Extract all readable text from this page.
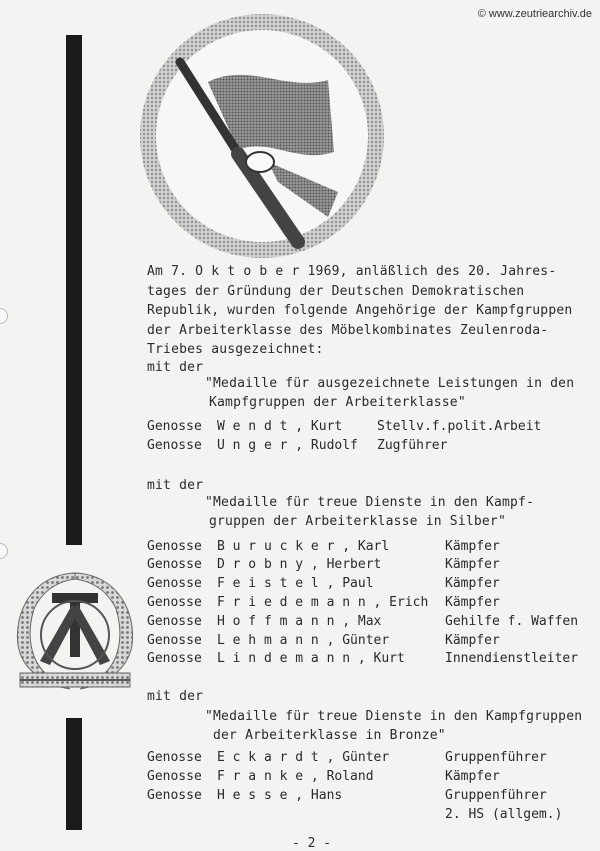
© www.zeutriearchiv.de
Am 7. O k t o b e r 1969, anläßlich des 20. Jahres-
tages der Gründung der Deutschen Demokratischen
Republik, wurden folgende Angehörige der Kampfgruppen
der Arbeiterklasse des Möbelkombinates Zeulenroda-
Triebes ausgezeichnet:
mit der
"Medaille für ausgezeichnete Leistungen in den
Kampfgruppen der Arbeiterklasse"
Genosse W e n d t , Kurt	Stellv.f.polit.Arbeit
Genosse U n g e r , Rudolf Zugführer
mit der
"Medaille für treue Dienste in den Kampf-
gruppen der Arbeiterklasse in Silber"
Genosse B u r u c k e r , Karl	Kämpfer
Genosse D r o b n y , Herbert	Kämpfer
Genosse F e i s t e l , Paul	Kämpfer
Genosse F r i e d e m a n n , Erich Kämpfer
Genosse H o f f m a n n , Max	Gehilfe f. Waffen
Genosse L e h m a n n , Günter	Kämpfer
Genosse L i n d e m a n n , Kurt	Innendienstleiter
mit der
"Medaille für treue Dienste in den Kampfgruppen
der Arbeiterklasse in Bronze"
Genosse E c k a r d t , Günter	Gruppenführer
Genosse F r a n k e , Roland	Kämpfer
Genosse H e s s e , Hans	Gruppenführer
2. HS (allgem.)
- 2 -
